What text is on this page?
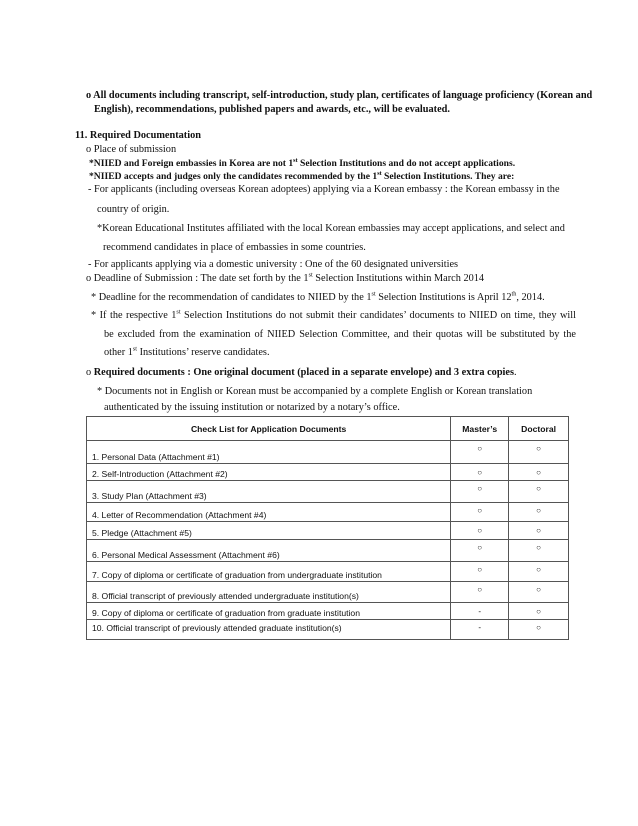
o All documents including transcript, self-introduction, study plan, certificates of language proficiency (Korean and
English), recommendations, published papers and awards, etc., will be evaluated.
11. Required Documentation
o Place of submission
*NIIED and Foreign embassies in Korea are not 1st Selection Institutions and do not accept applications.
*NIIED accepts and judges only the candidates recommended by the 1st Selection Institutions. They are:
- For applicants (including overseas Korean adoptees) applying via a Korean embassy : the Korean embassy in the
country of origin.
*Korean Educational Institutes affiliated with the local Korean embassies may accept applications, and select and
recommend candidates in place of embassies in some countries.
- For applicants applying via a domestic university : One of the 60 designated universities
o Deadline of Submission : The date set forth by the 1st Selection Institutions within March 2014
* Deadline for the recommendation of candidates to NIIED by the 1st Selection Institutions is April 12th, 2014.
* If the respective 1st Selection Institutions do not submit their candidates’ documents to NIIED on time, they will
be excluded from the examination of NIIED Selection Committee, and their quotas will be substituted by the
other 1st Institutions’ reserve candidates.
o Required documents : One original document (placed in a separate envelope) and 3 extra copies.
* Documents not in English or Korean must be accompanied by a complete English or Korean translation
authenticated by the issuing institution or notarized by a notary’s office.
Check List for Application Documents	Master’s	Doctoral
1. Personal Data (Attachment #1)	○	○
2. Self-Introduction (Attachment #2)	○	○
3. Study Plan (Attachment #3)	○	○
4. Letter of Recommendation (Attachment #4)	○	○
5. Pledge (Attachment #5)	○	○
6. Personal Medical Assessment (Attachment #6)	○	○
7. Copy of diploma or certificate of graduation from undergraduate institution	○	○
8. Official transcript of previously attended undergraduate institution(s)	○	○
9. Copy of diploma or certificate of graduation from graduate institution	-	○
10. Official transcript of previously attended graduate institution(s)	-	○
